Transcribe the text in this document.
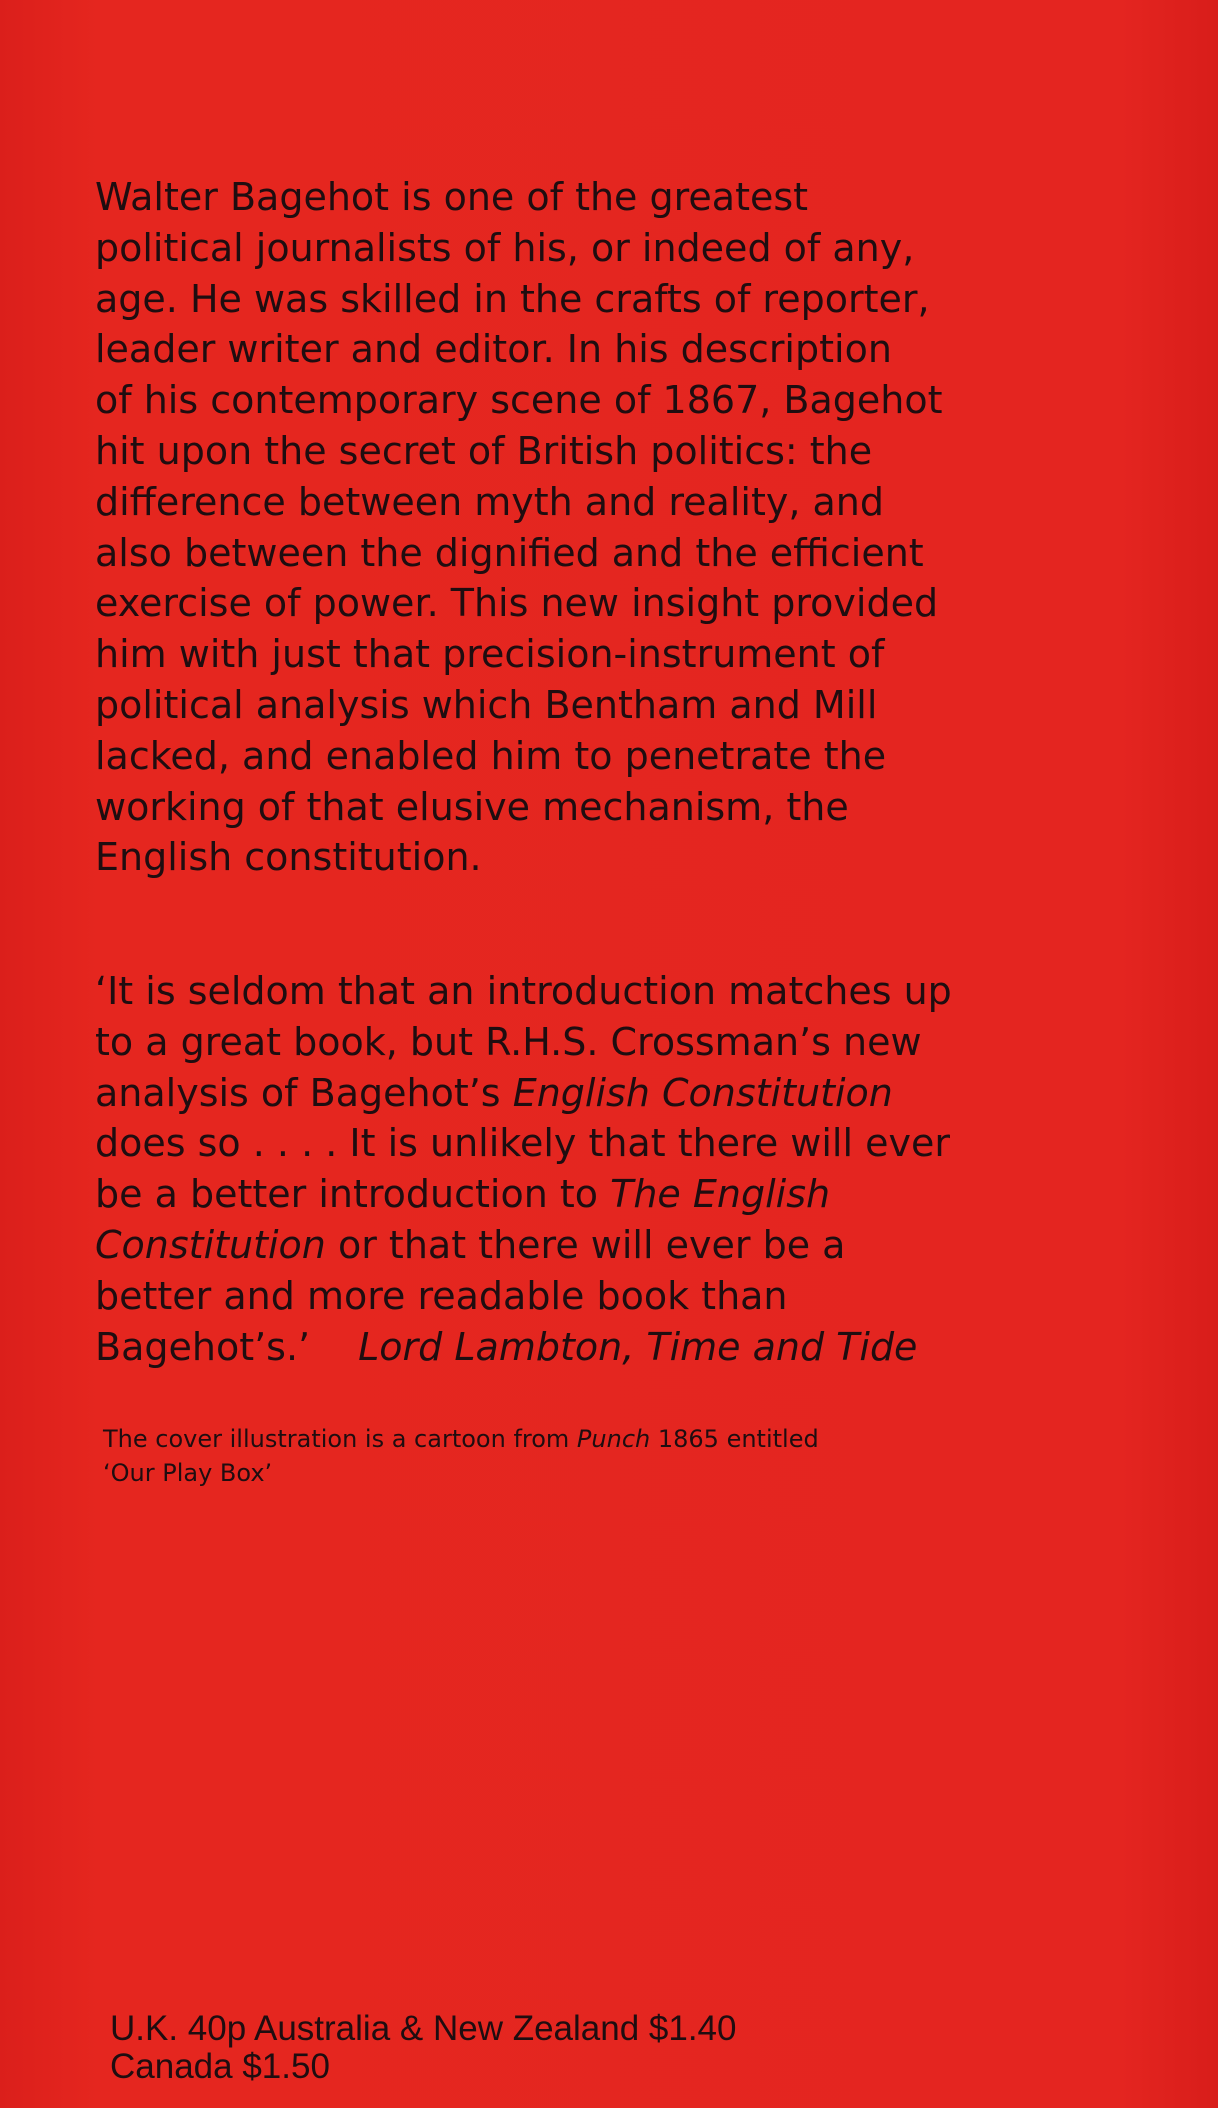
Walter Bagehot is one of the greatest
political journalists of his, or indeed of any,
age. He was skilled in the crafts of reporter,
leader writer and editor. In his description
of his contemporary scene of 1867, Bagehot
hit upon the secret of British politics: the
difference between myth and reality, and
also between the dignified and the efficient
exercise of power. This new insight provided
him with just that precision-instrument of
political analysis which Bentham and Mill
lacked, and enabled him to penetrate the
working of that elusive mechanism, the
English constitution.
‘It is seldom that an introduction matches up
to a great book, but R.H.S. Crossman’s new
analysis of Bagehot’s English Constitution
does so . . . . It is unlikely that there will ever
be a better introduction to The English
Constitution or that there will ever be a
better and more readable book than
Bagehot’s.’ Lord Lambton, Time and Tide
The cover illustration is a cartoon from Punch 1865 entitled
‘Our Play Box’
U.K. 40p Australia & New Zealand $1.40
Canada $1.50
